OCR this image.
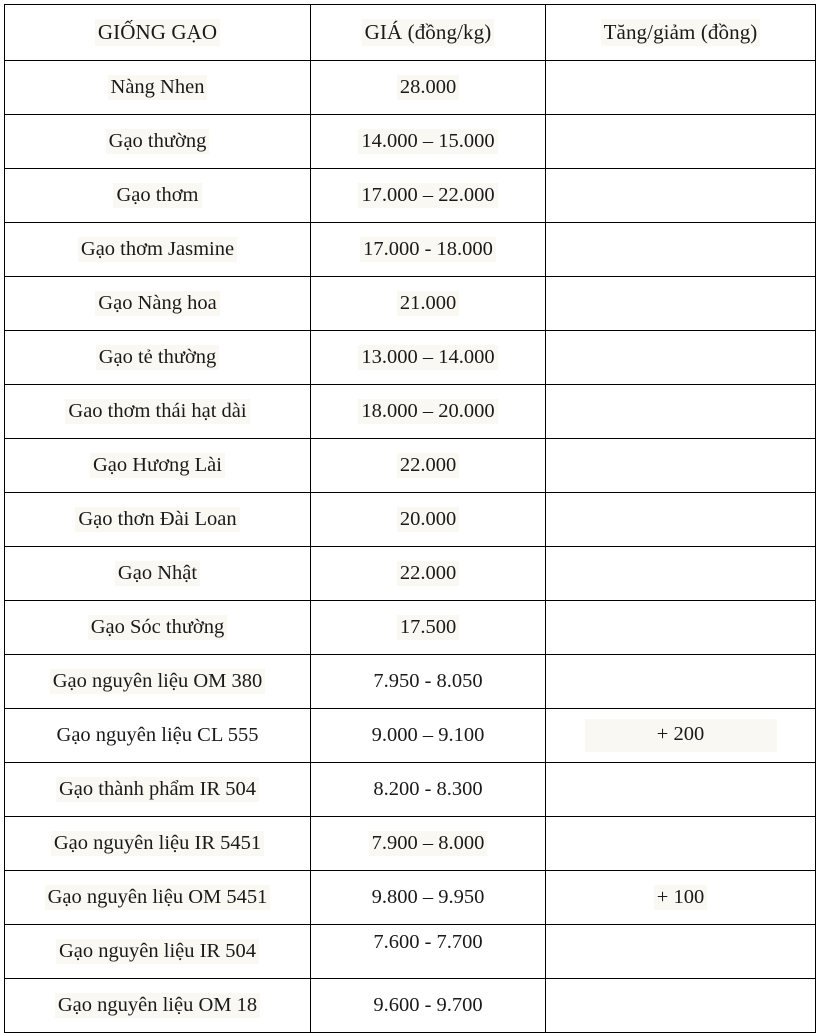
GIỐNG GẠO	GIÁ (đồng/kg)	Tăng/giảm (đồng)
Nàng Nhen	28.000	
Gạo thường	14.000 – 15.000	
Gạo thơm	17.000 – 22.000	
Gạo thơm Jasmine	17.000 - 18.000	
Gạo Nàng hoa	21.000	
Gạo tẻ thường	13.000 – 14.000	
Gao thơm thái hạt dài	18.000 – 20.000	
Gạo Hương Lài	22.000	
Gạo thơn Đài Loan	20.000	
Gạo Nhật	22.000	
Gạo Sóc thường	17.500	
Gạo nguyên liệu OM 380	7.950 - 8.050	
Gạo nguyên liệu CL 555	9.000 – 9.100	+ 200
Gạo thành phẩm IR 504	8.200 - 8.300	
Gạo nguyên liệu IR 5451	7.900 – 8.000	
Gạo nguyên liệu OM 5451	9.800 – 9.950	+ 100
Gạo nguyên liệu IR 504	7.600 - 7.700	
Gạo nguyên liệu OM 18	9.600 - 9.700	
